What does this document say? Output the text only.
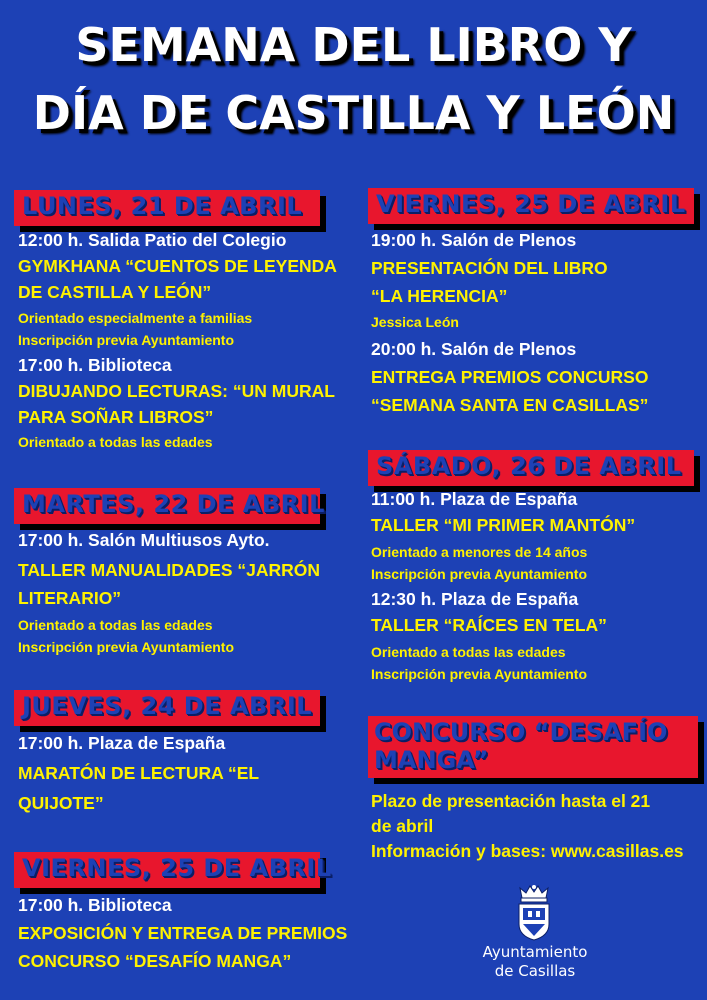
SEMANA DEL LIBRO Y
DÍA DE CASTILLA Y LEÓN
LUNES, 21 DE ABRIL
12:00 h. Salida Patio del Colegio
GYMKHANA “CUENTOS DE LEYENDA
DE CASTILLA Y LEÓN”
Orientado especialmente a familias
Inscripción previa Ayuntamiento
17:00 h. Biblioteca
DIBUJANDO LECTURAS: “UN MURAL
PARA SOÑAR LIBROS”
Orientado a todas las edades
MARTES, 22 DE ABRIL
17:00 h. Salón Multiusos Ayto.
TALLER MANUALIDADES “JARRÓN
LITERARIO”
Orientado a todas las edades
Inscripción previa Ayuntamiento
JUEVES, 24 DE ABRIL
17:00 h. Plaza de España
MARATÓN DE LECTURA “EL
QUIJOTE”
VIERNES, 25 DE ABRIL
17:00 h. Biblioteca
EXPOSICIÓN Y ENTREGA DE PREMIOS
CONCURSO “DESAFÍO MANGA”
VIERNES, 25 DE ABRIL
19:00 h. Salón de Plenos
PRESENTACIÓN DEL LIBRO
“LA HERENCIA”
Jessica León
20:00 h. Salón de Plenos
ENTREGA PREMIOS CONCURSO
“SEMANA SANTA EN CASILLAS”
SÁBADO, 26 DE ABRIL
11:00 h. Plaza de España
TALLER “MI PRIMER MANTÓN”
Orientado a menores de 14 años
Inscripción previa Ayuntamiento
12:30 h. Plaza de España
TALLER “RAÍCES EN TELA”
Orientado a todas las edades
Inscripción previa Ayuntamiento
CONCURSO “DESAFÍO MANGA”
Plazo de presentación hasta el 21
de abril
Información y bases: www.casillas.es
Ayuntamiento
de Casillas
